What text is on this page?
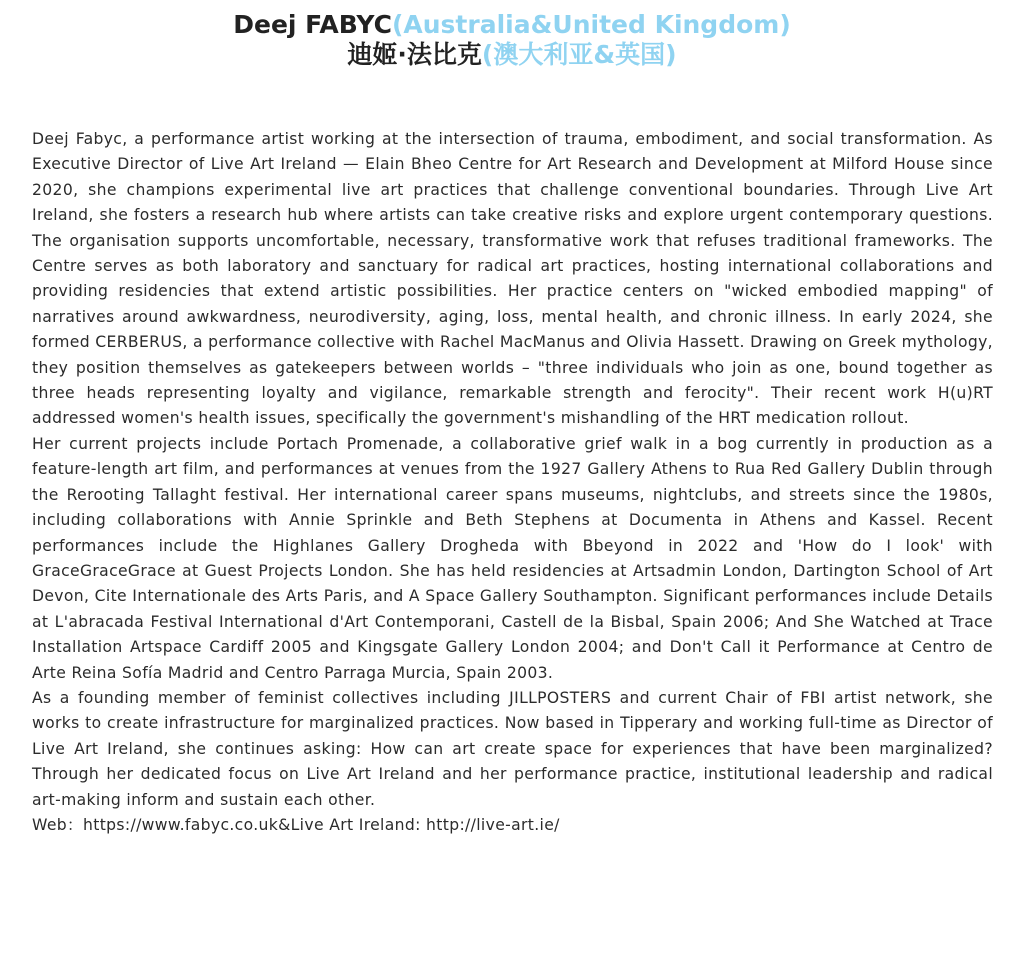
Deej FABYC(Australia&United Kingdom)
迪姬·法比克(澳大利亚&英国)

Deej Fabyc, a performance artist working at the intersection of trauma, embodiment, and social transformation. As Executive Director of Live Art Ireland — Elain Bheo Centre for Art Research and Development at Milford House since 2020, she champions experimental live art practices that challenge conventional boundaries. Through Live Art Ireland, she fosters a research hub where artists can take creative risks and explore urgent contemporary questions. The organisation supports uncomfortable, necessary, transformative work that refuses traditional frameworks. The Centre serves as both laboratory and sanctuary for radical art practices, hosting international collaborations and providing residencies that extend artistic possibilities. Her practice centers on "wicked embodied mapping" of narratives around awkwardness, neurodiversity, aging, loss, mental health, and chronic illness. In early 2024, she formed CERBERUS, a performance collective with Rachel MacManus and Olivia Hassett. Drawing on Greek mythology, they position themselves as gatekeepers between worlds – "three individuals who join as one, bound together as three heads representing loyalty and vigilance, remarkable strength and ferocity". Their recent work H(u)RT addressed women's health issues, specifically the government's mishandling of the HRT medication rollout.

Her current projects include Portach Promenade, a collaborative grief walk in a bog currently in production as a feature-length art film, and performances at venues from the 1927 Gallery Athens to Rua Red Gallery Dublin through the Rerooting Tallaght festival. Her international career spans museums, nightclubs, and streets since the 1980s, including collaborations with Annie Sprinkle and Beth Stephens at Documenta in Athens and Kassel. Recent performances include the Highlanes Gallery Drogheda with Bbeyond in 2022 and 'How do I look' with GraceGraceGrace at Guest Projects London. She has held residencies at Artsadmin London, Dartington School of Art Devon, Cite Internationale des Arts Paris, and A Space Gallery Southampton. Significant performances include Details at L'abracada Festival International d'Art Contemporani, Castell de la Bisbal, Spain 2006; And She Watched at Trace Installation Artspace Cardiff 2005 and Kingsgate Gallery London 2004; and Don't Call it Performance at Centro de Arte Reina Sofía Madrid and Centro Parraga Murcia, Spain 2003.

As a founding member of feminist collectives including JILLPOSTERS and current Chair of FBI artist network, she works to create infrastructure for marginalized practices. Now based in Tipperary and working full-time as Director of Live Art Ireland, she continues asking: How can art create space for experiences that have been marginalized? Through her dedicated focus on Live Art Ireland and her performance practice, institutional leadership and radical art-making inform and sustain each other.

Web：https://www.fabyc.co.uk&Live Art Ireland: http://live-art.ie/
